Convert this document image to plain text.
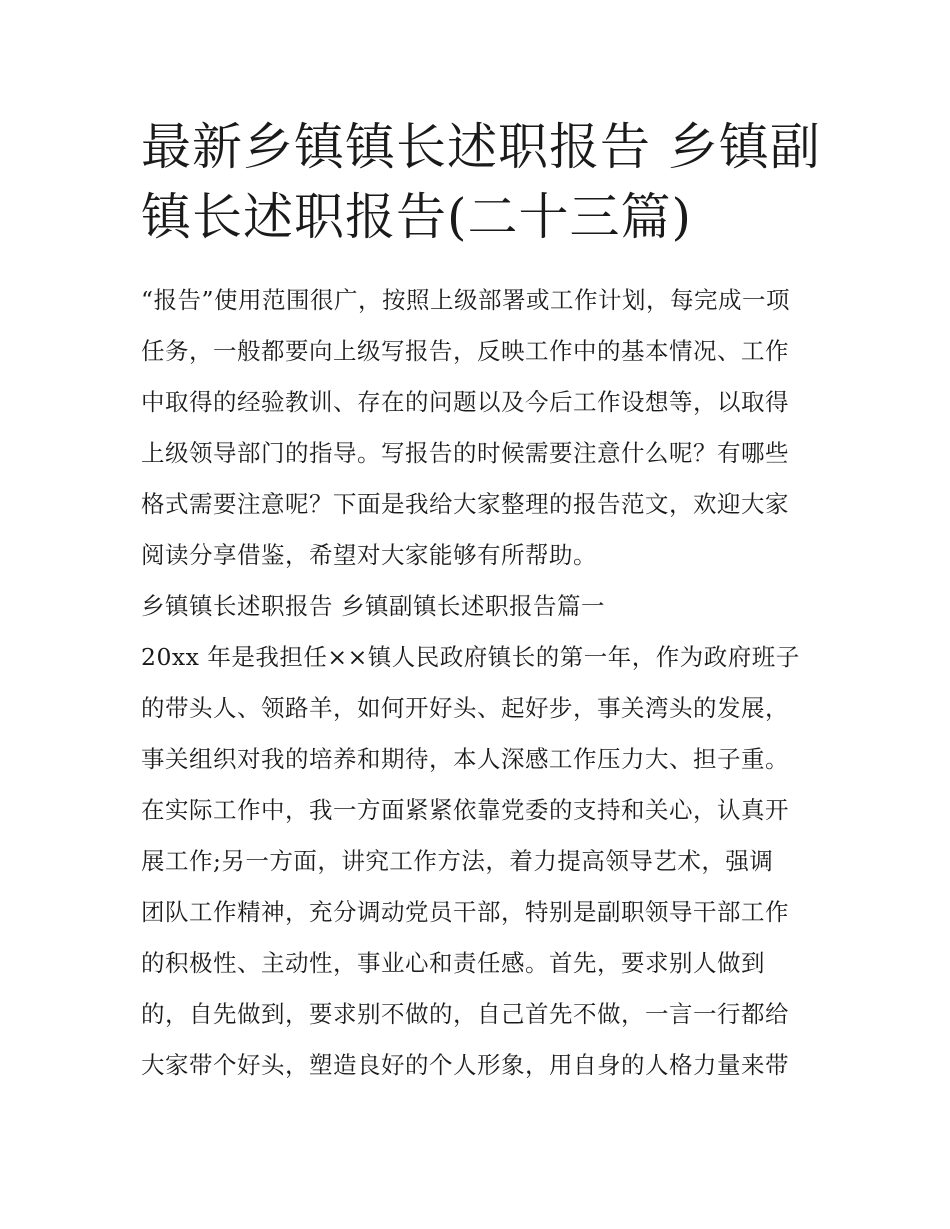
最新乡镇镇长述职报告 乡镇副
镇长述职报告(二十三篇)
“报告”使用范围很广，按照上级部署或工作计划，每完成一项
任务，一般都要向上级写报告，反映工作中的基本情况、工作
中取得的经验教训、存在的问题以及今后工作设想等，以取得
上级领导部门的指导。写报告的时候需要注意什么呢？有哪些
格式需要注意呢？下面是我给大家整理的报告范文，欢迎大家
阅读分享借鉴，希望对大家能够有所帮助。
乡镇镇长述职报告 乡镇副镇长述职报告篇一
20xx 年是我担任××镇人民政府镇长的第一年，作为政府班子
的带头人、领路羊，如何开好头、起好步，事关湾头的发展，
事关组织对我的培养和期待，本人深感工作压力大、担子重。
在实际工作中，我一方面紧紧依靠党委的支持和关心，认真开
展工作;另一方面，讲究工作方法，着力提高领导艺术，强调
团队工作精神，充分调动党员干部，特别是副职领导干部工作
的积极性、主动性，事业心和责任感。首先，要求别人做到
的，自先做到，要求别不做的，自己首先不做，一言一行都给
大家带个好头，塑造良好的个人形象，用自身的人格力量来带
